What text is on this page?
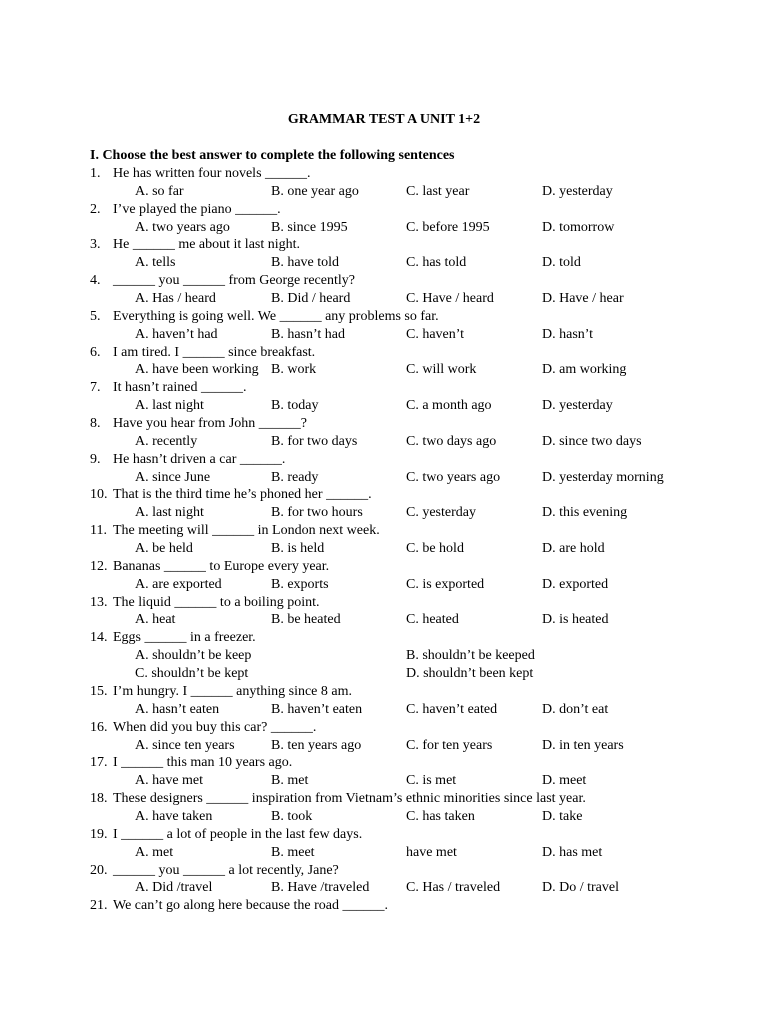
GRAMMAR TEST A UNIT 1+2
I. Choose the best answer to complete the following sentences
1. He has written four novels ______.
A. so far	B. one year ago	C. last year	D. yesterday
2. I’ve played the piano ______.
A. two years ago	B. since 1995	C. before 1995	D. tomorrow
3. He ______ me about it last night.
A. tells	B. have told	C. has told	D. told
4. ______ you ______ from George recently?
A. Has / heard	B. Did / heard	C. Have / heard	D. Have / hear
5. Everything is going well. We ______ any problems so far.
A. haven’t had	B. hasn’t had	C. haven’t	D. hasn’t
6. I am tired. I ______ since breakfast.
A. have been working B. work	C. will work	D. am working
7. It hasn’t rained ______.
A. last night	B. today	C. a month ago	D. yesterday
8. Have you hear from John ______?
A. recently	B. for two days	C. two days ago	D. since two days
9. He hasn’t driven a car ______.
A. since June	B. ready	C. two years ago	D. yesterday morning
10. That is the third time he’s phoned her ______.
A. last night	B. for two hours	C. yesterday	D. this evening
11. The meeting will ______ in London next week.
A. be held	B. is held	C. be hold	D. are hold
12. Bananas ______ to Europe every year.
A. are exported	B. exports	C. is exported	D. exported
13. The liquid ______ to a boiling point.
A. heat	B. be heated	C. heated	D. is heated
14. Eggs ______ in a freezer.
A. shouldn’t be keep	B. shouldn’t be keeped
C. shouldn’t be kept	D. shouldn’t been kept
15. I’m hungry. I ______ anything since 8 am.
A. hasn’t eaten	B. haven’t eaten	C. haven’t eated	D. don’t eat
16. When did you buy this car? ______.
A. since ten years	B. ten years ago	C. for ten years	D. in ten years
17. I ______ this man 10 years ago.
A. have met	B. met	C. is met	D. meet
18. These designers ______ inspiration from Vietnam’s ethnic minorities since last year.
A. have taken	B. took	C. has taken	D. take
19. I ______ a lot of people in the last few days.
A. met	B. meet	have met	D. has met
20. ______ you ______ a lot recently, Jane?
A. Did /travel	B. Have /traveled	C. Has / traveled	D. Do / travel
21. We can’t go along here because the road ______.
